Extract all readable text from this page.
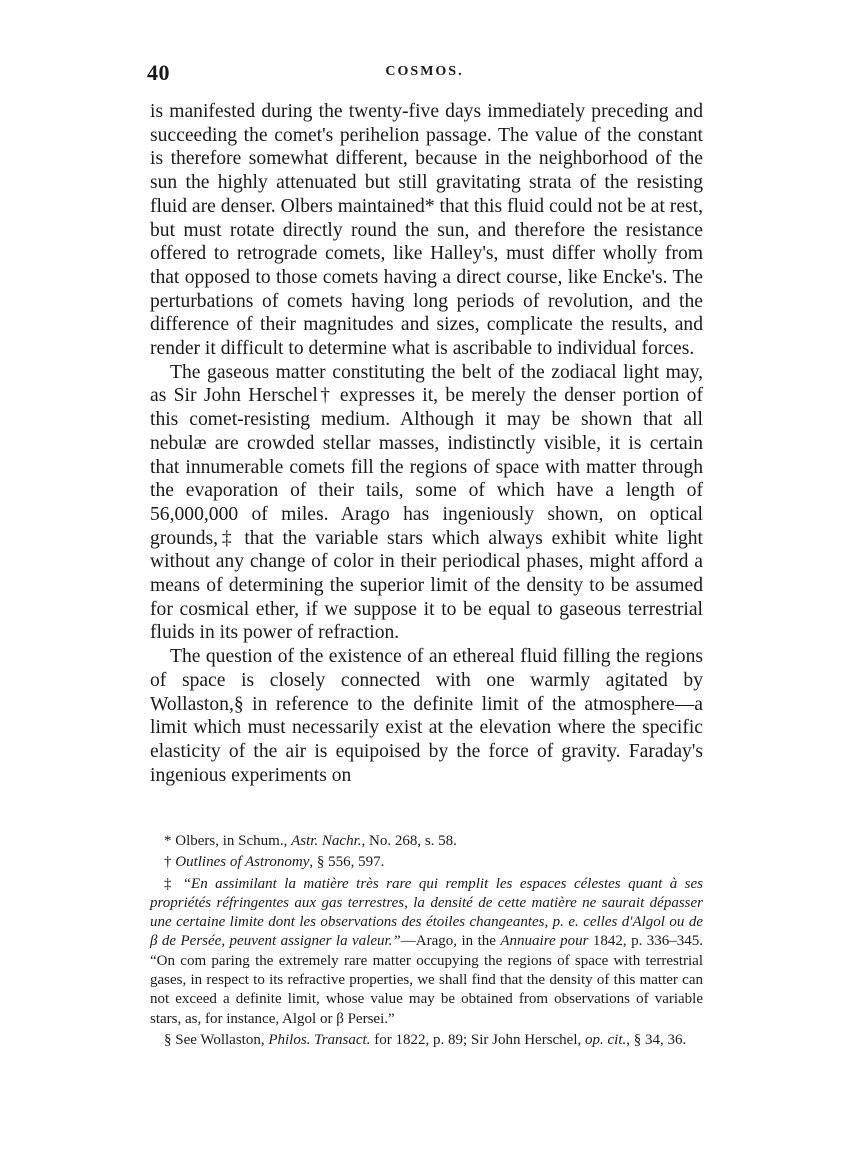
40	COSMOS.

is manifested during the twenty-five days immediately preceding and succeeding the comet's perihelion passage. The value of the constant is therefore somewhat different, because in the neighborhood of the sun the highly attenuated but still gravitating strata of the resisting fluid are denser. Olbers maintained* that this fluid could not be at rest, but must rotate directly round the sun, and therefore the resistance offered to retrograde comets, like Halley's, must differ wholly from that opposed to those comets having a direct course, like Encke's. The perturbations of comets having long periods of revolution, and the difference of their magnitudes and sizes, complicate the results, and render it difficult to determine what is ascribable to individual forces.

The gaseous matter constituting the belt of the zodiacal light may, as Sir John Herschel† expresses it, be merely the denser portion of this comet-resisting medium. Although it may be shown that all nebulæ are crowded stellar masses, indistinctly visible, it is certain that innumerable comets fill the regions of space with matter through the evaporation of their tails, some of which have a length of 56,000,000 of miles. Arago has ingeniously shown, on optical grounds,‡ that the variable stars which always exhibit white light without any change of color in their periodical phases, might afford a means of determining the superior limit of the density to be assumed for cosmical ether, if we suppose it to be equal to gaseous terrestrial fluids in its power of refraction.

The question of the existence of an ethereal fluid filling the regions of space is closely connected with one warmly agitated by Wollaston,§ in reference to the definite limit of the atmosphere—a limit which must necessarily exist at the elevation where the specific elasticity of the air is equipoised by the force of gravity. Faraday's ingenious experiments on

* Olbers, in Schum., Astr. Nachr., No. 268, s. 58.

† Outlines of Astronomy, § 556, 597.

‡ “En assimilant la matière très rare qui remplit les espaces célestes quant à ses propriétés réfringentes aux gas terrestres, la densité de cette matière ne saurait dépasser une certaine limite dont les observations des étoiles changeantes, p. e. celles d'Algol ou de β de Persée, peuvent assigner la valeur.”—Arago, in the Annuaire pour 1842, p. 336–345. “On com paring the extremely rare matter occupying the regions of space with terrestrial gases, in respect to its refractive properties, we shall find that the density of this matter can not exceed a definite limit, whose value may be obtained from observations of variable stars, as, for instance, Algol or β Persei.”

§ See Wollaston, Philos. Transact. for 1822, p. 89; Sir John Herschel, op. cit., § 34, 36.
